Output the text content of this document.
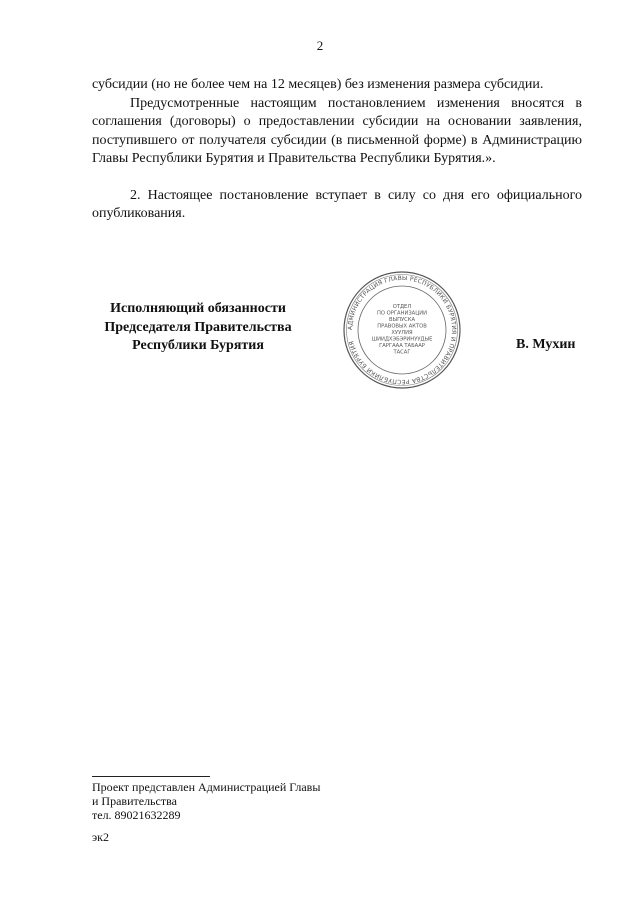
2

субсидии (но не более чем на 12 месяцев) без изменения размера субсидии.

Предусмотренные настоящим постановлением изменения вносятся в соглашения (договоры) о предоставлении субсидии на основании заявления, поступившего от получателя субсидии (в письменной форме) в Администрацию Главы Республики Бурятия и Правительства Республики Бурятия.».

2. Настоящее постановление вступает в силу со дня его официального опубликования.

Исполняющий обязанности
Председателя Правительства
Республики Бурятия
АДМИНИСТРАЦИЯ ГЛАВЫ РЕСПУБЛИКИ БУРЯТИЯ И ПРАВИТЕЛЬСТВА РЕСПУБЛИКИ БУРЯТИЯ
ОТДЕЛ
ПО ОРГАНИЗАЦИИ
ВЫПУСКА
ПРАВОВЫХ АКТОВ
ХУУЛИЯ
ШИИДХЭБЭРИНУУДЫЕ
ГАРГААА ТАБААР
ТАСАГ
В. Мухин
Проект представлен Администрацией Главы
и Правительства
тел. 89021632289
эк2
